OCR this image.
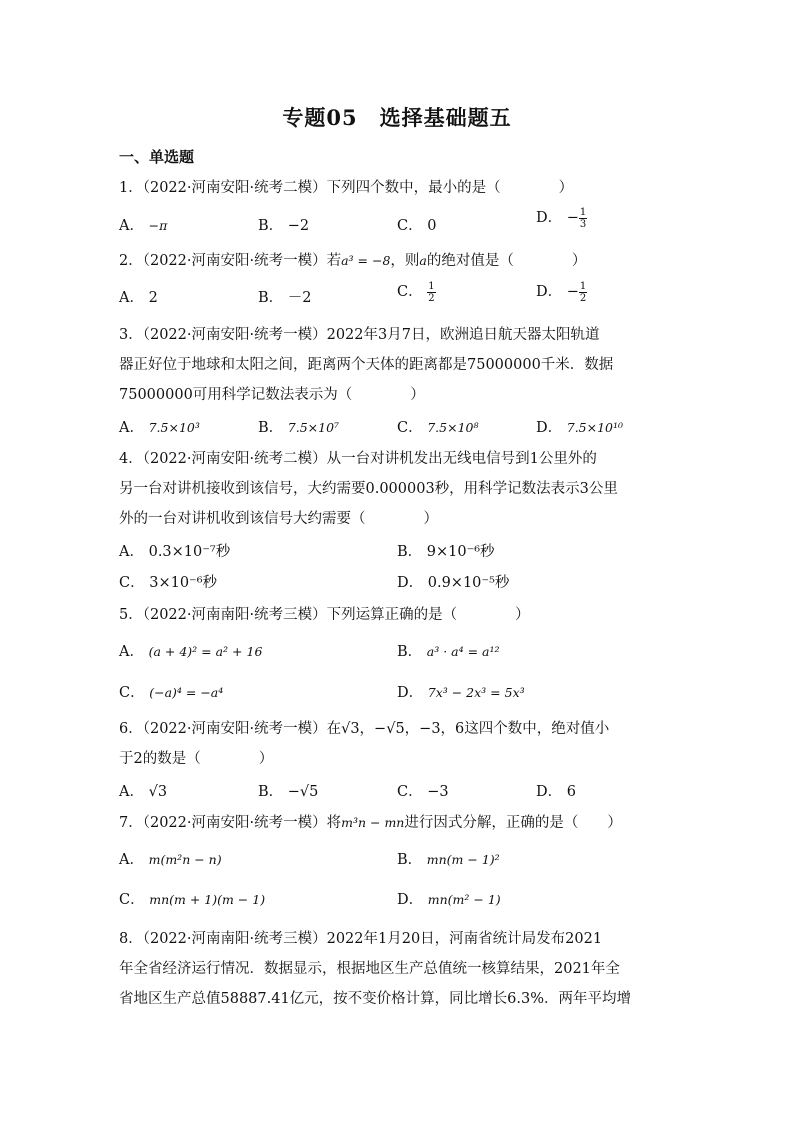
专题05　选择基础题五
一、单选题
1．（2022·河南安阳·统考二模）下列四个数中，最小的是（　　　　）
A． −π	B． −2	C． 0	D． − $\frac{1}{3}$
2．（2022·河南安阳·统考一模）若a³ = −8，则a的绝对值是（　　　　）
A． 2	B． －2	C． $\frac{1}{2}$	D． − $\frac{1}{2}$
3．（2022·河南安阳·统考一模）2022年3月7日，欧洲追日航天器太阳轨道
器正好位于地球和太阳之间，距离两个天体的距离都是75000000千米．数据
75000000可用科学记数法表示为（　　　　）
A． 7.5×10³	B． 7.5×10⁷	C． 7.5×10⁸	D． 7.5×10¹⁰
4．（2022·河南安阳·统考二模）从一台对讲机发出无线电信号到1公里外的
另一台对讲机接收到该信号，大约需要0.000003秒，用科学记数法表示3公里
外的一台对讲机收到该信号大约需要（　　　　）
A． 0.3×10⁻⁷秒	B． 9×10⁻⁶秒
C． 3×10⁻⁶秒	D． 0.9×10⁻⁵秒
5．（2022·河南南阳·统考三模）下列运算正确的是（　　　　）
A． (a + 4)² = a² + 16	B． a³ · a⁴ = a¹²
C． (−a)⁴ = −a⁴	D． 7x³ − 2x³ = 5x³
6．（2022·河南安阳·统考一模）在√3，−√5，−3，6这四个数中，绝对值小
于2的数是（　　　　）
A． √3	B． −√5	C． −3	D． 6
7．（2022·河南安阳·统考一模）将m³n − mn进行因式分解，正确的是（　　）
A． m(m²n − n)	B． mn(m − 1)²
C． mn(m + 1)(m − 1)	D． mn(m² − 1)
8．（2022·河南南阳·统考三模）2022年1月20日，河南省统计局发布2021
年全省经济运行情况．数据显示，根据地区生产总值统一核算结果，2021年全
省地区生产总值58887.41亿元，按不变价格计算，同比增长6.3%．两年平均增
